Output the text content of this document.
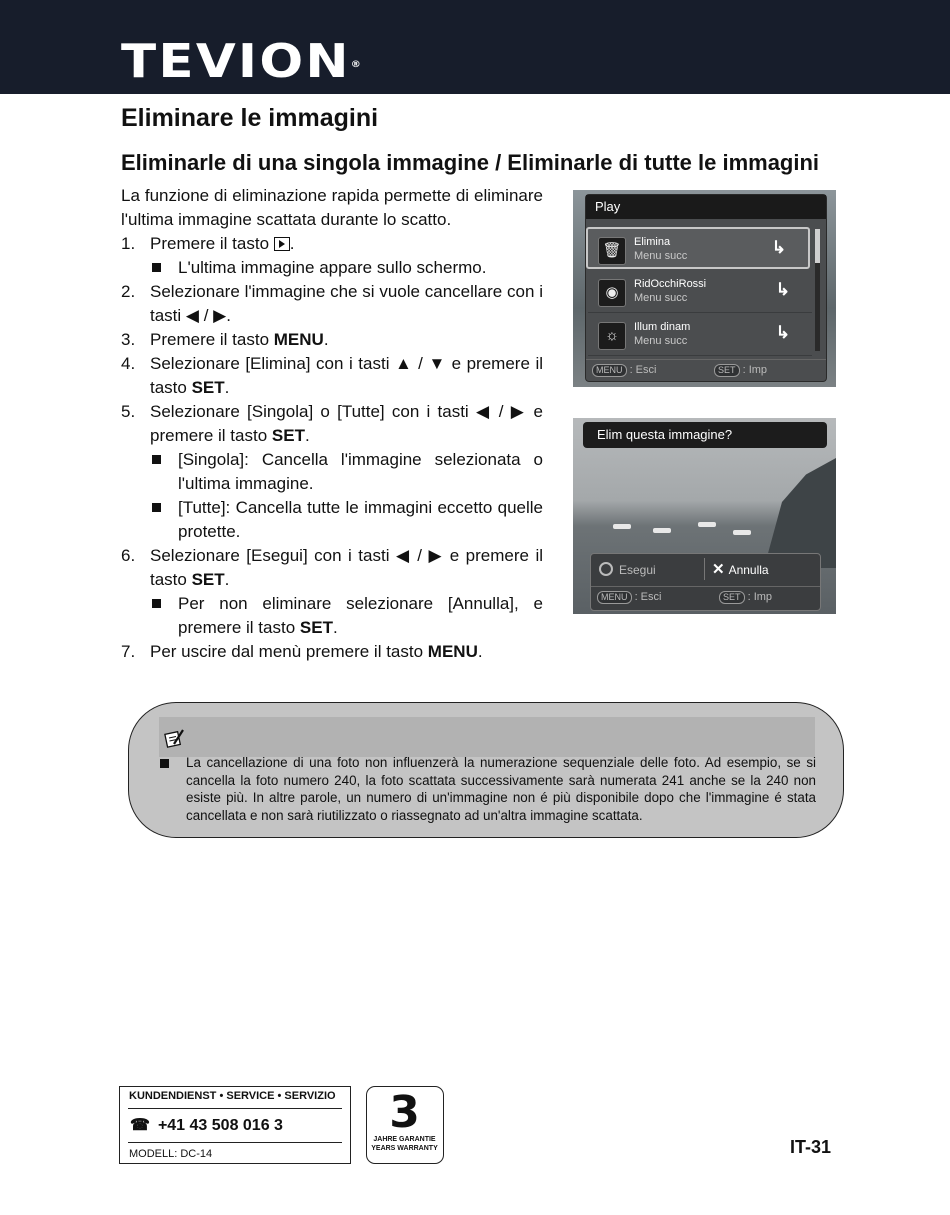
TEVION®
Eliminare le immagini
Eliminarle di una singola immagine / Eliminarle di tutte le immagini

La funzione di eliminazione rapida permette di eliminare l'ultima immagine scattata durante lo scatto.

1. Premere il tasto .
L'ultima immagine appare sullo schermo.
2. Selezionare l'immagine che si vuole cancellare con i tasti ◀ / ▶.
3. Premere il tasto MENU.
4. Selezionare [Elimina] con i tasti ▲ / ▼ e premere il tasto SET.
5. Selezionare [Singola] o [Tutte] con i tasti ◀ / ▶ e premere il tasto SET.
[Singola]: Cancella l'immagine selezionata o l'ultima immagine.
[Tutte]: Cancella tutte le immagini eccetto quelle protette.
6. Selezionare [Esegui] con i tasti ◀ / ▶ e premere il tasto SET.
Per non eliminare selezionare [Annulla], e premere il tasto SET.
7. Per uscire dal menù premere il tasto MENU.
Play
🗑	Elimina
Menu succ	↳
◉	RidOcchiRossi
Menu succ	↳
☼	Illum dinam
Menu succ	↳
MENU : Esci	SET : Imp
Elim questa immagine?
Esegui	✕ Annulla
MENU : Esci	SET : Imp
La cancellazione di una foto non influenzerà la numerazione sequenziale delle foto. Ad esempio, se si cancella la foto numero 240, la foto scattata successivamente sarà numerata 241 anche se la 240 non esiste più. In altre parole, un numero di un'immagine non é più disponibile dopo che l'immagine é stata cancellata e non sarà riutilizzato o riassegnato ad un'altra immagine scattata.
KUNDENDIENST • SERVICE • SERVIZIO
☎ +41 43 508 016 3
MODELL: DC-14
3
JAHRE GARANTIE
YEARS WARRANTY	IT-31
